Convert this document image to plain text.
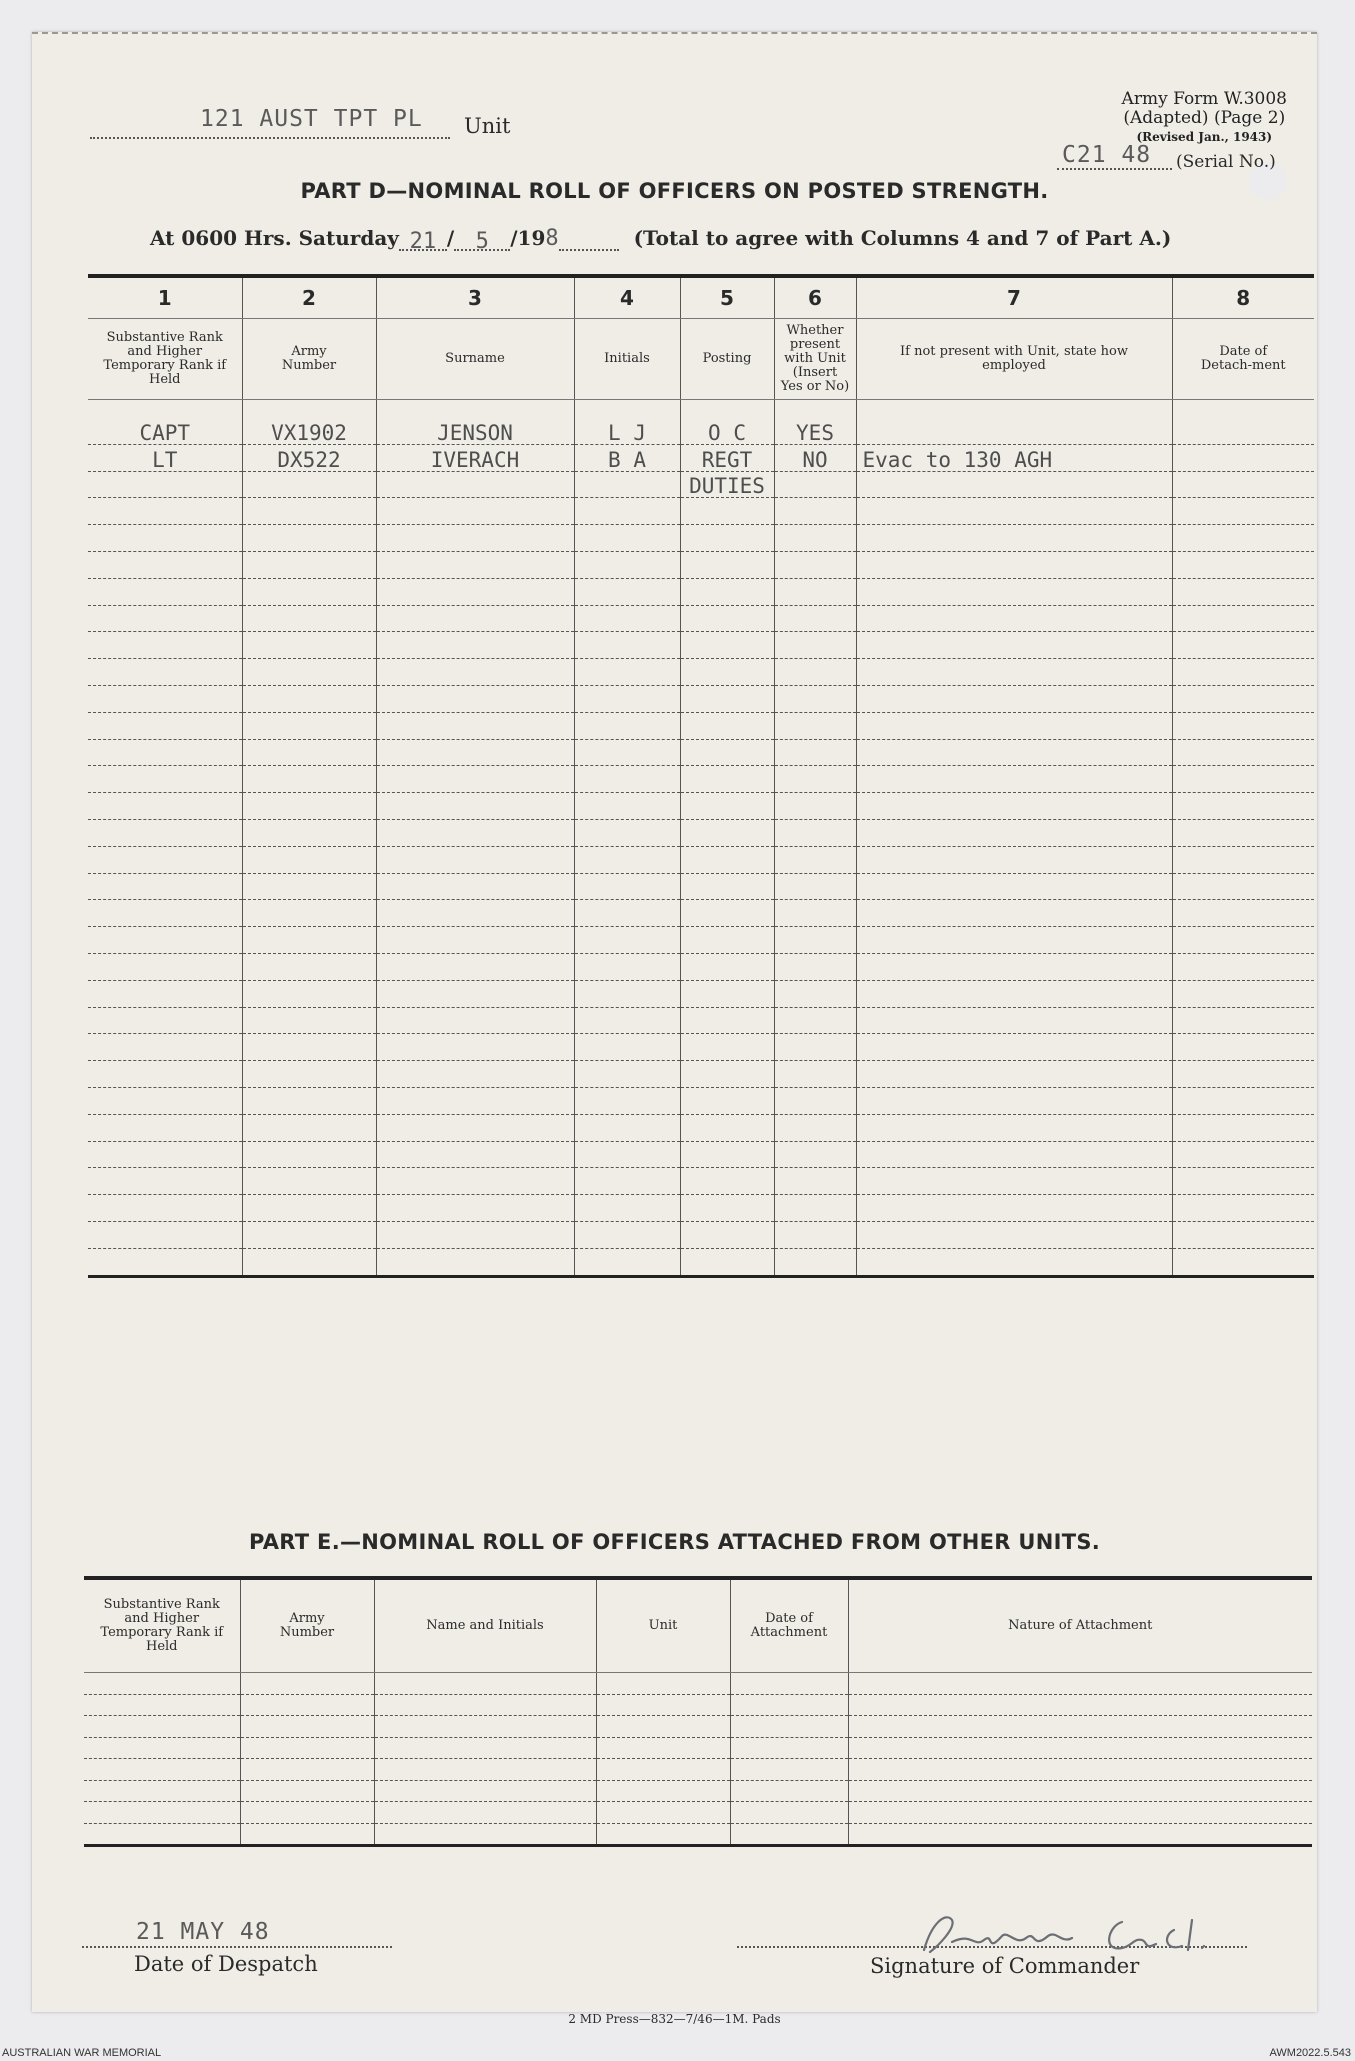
Army Form W.3008
(Adapted) (Page 2)
(Revised Jan., 1943)
121 AUST TPT PL Unit
C21 48 (Serial No.)
PART D—NOMINAL ROLL OF OFFICERS ON POSTED STRENGTH.
At 0600 Hrs. Saturday 21 / 5 /198	(Total to agree with Columns 4 and 7 of Part A.)
1	2	3	4	5	6	7	8
Substantive Rank and Higher Temporary Rank if Held	Army Number	Surname	Initials	Posting	Whether present with Unit (Insert Yes or No)	If not present with Unit, state how employed	Date of Detach-ment

CAPT	VX1902	JENSON	L J	O C	YES		
LT	DX522	IVERACH	B A	REGT	NO	Evac to 130 AGH	
				DUTIES			

PART E.—NOMINAL ROLL OF OFFICERS ATTACHED FROM OTHER UNITS.
Substantive Rank and Higher Temporary Rank if Held	Army Number	Name and Initials	Unit	Date of Attachment	Nature of Attachment

21 MAY 48
Date of Despatch	Signature of Commander
2 MD Press—832—7/46—1M. Pads
AUSTRALIAN WAR MEMORIAL	AWM2022.5.543
